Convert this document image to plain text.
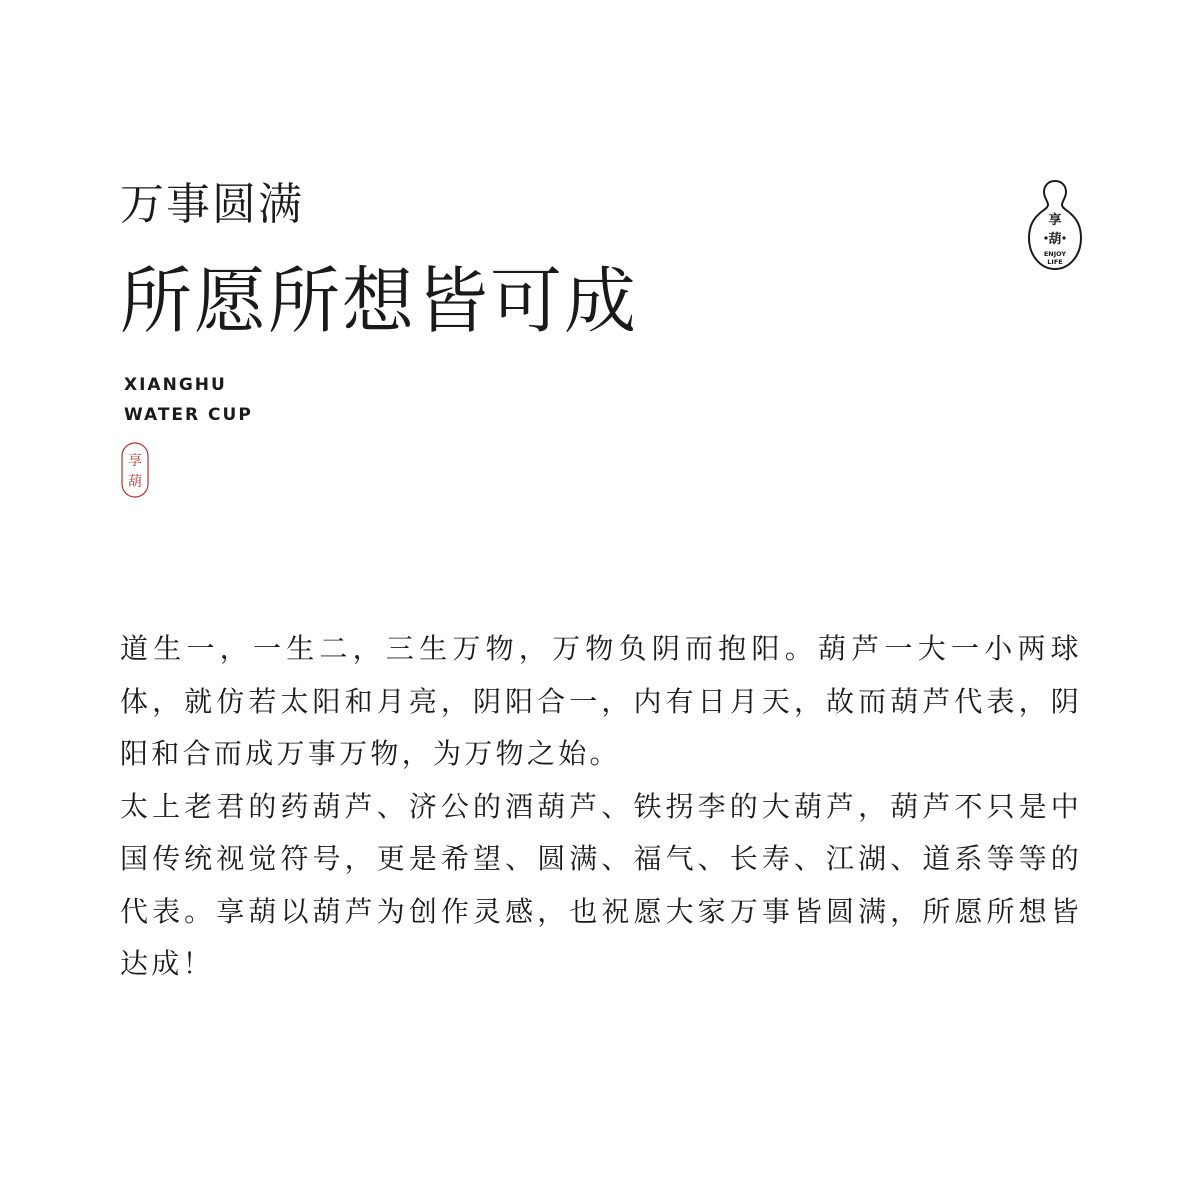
万事圆满
所愿所想皆可成
XIANGHU
WATER CUP
享
葫
享
葫
ENJOY
LIFE

道生一，一生二，三生万物，万物负阴而抱阳。葫芦一大一小两球体，就仿若太阳和月亮，阴阳合一，内有日月天，故而葫芦代表，阴阳和合而成万事万物，为万物之始。

太上老君的药葫芦、济公的酒葫芦、铁拐李的大葫芦，葫芦不只是中国传统视觉符号，更是希望、圆满、福气、长寿、江湖、道系等等的代表。享葫以葫芦为创作灵感，也祝愿大家万事皆圆满，所愿所想皆达成！
